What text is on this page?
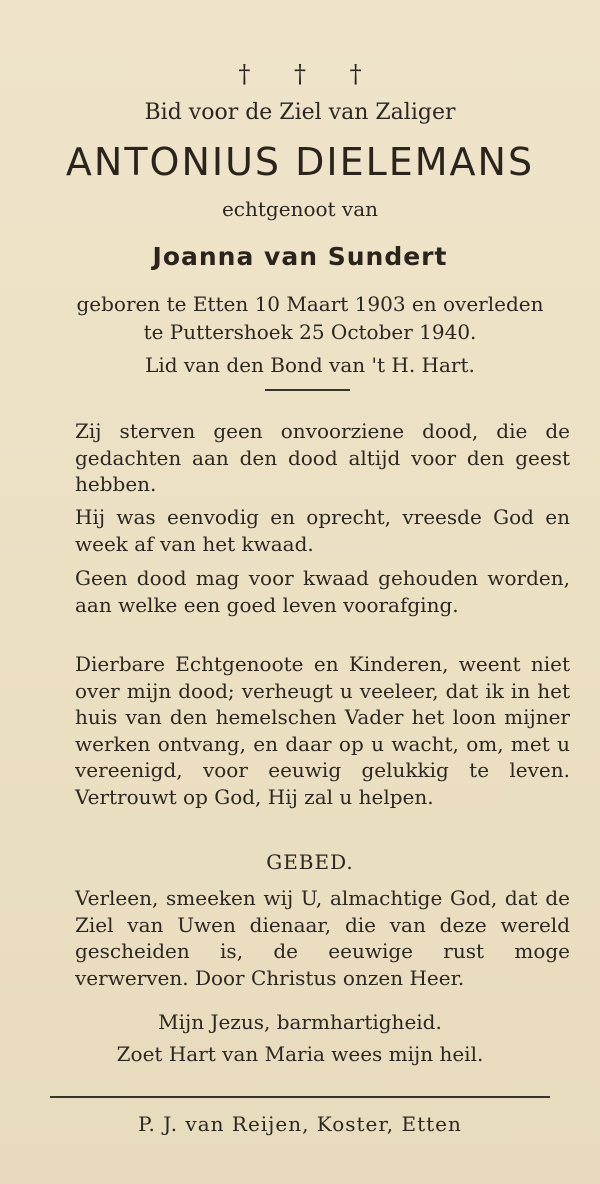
† † †
Bid voor de Ziel van Zaliger
ANTONIUS DIELEMANS
echtgenoot van
Joanna van Sundert
geboren te Etten 10 Maart 1903 en overleden
te Puttershoek 25 October 1940.
Lid van den Bond van 't H. Hart.
Zij sterven geen onvoorziene dood, die de gedachten aan den dood altijd voor den geest hebben.
Hij was eenvodig en oprecht, vreesde God en week af van het kwaad.
Geen dood mag voor kwaad gehouden worden, aan welke een goed leven voorafging.
Dierbare Echtgenoote en Kinderen, weent niet over mijn dood; verheugt u veeleer, dat ik in het huis van den hemelschen Vader het loon mijner werken ontvang, en daar op u wacht, om, met u vereenigd, voor eeuwig gelukkig te leven. Vertrouwt op God, Hij zal u helpen.
GEBED.
Verleen, smeeken wij U, almachtige God, dat de Ziel van Uwen dienaar, die van deze wereld gescheiden is, de eeuwige rust moge verwerven. Door Christus onzen Heer.
Mijn Jezus, barmhartigheid.
Zoet Hart van Maria wees mijn heil.
P. J. van Reijen, Koster, Etten
